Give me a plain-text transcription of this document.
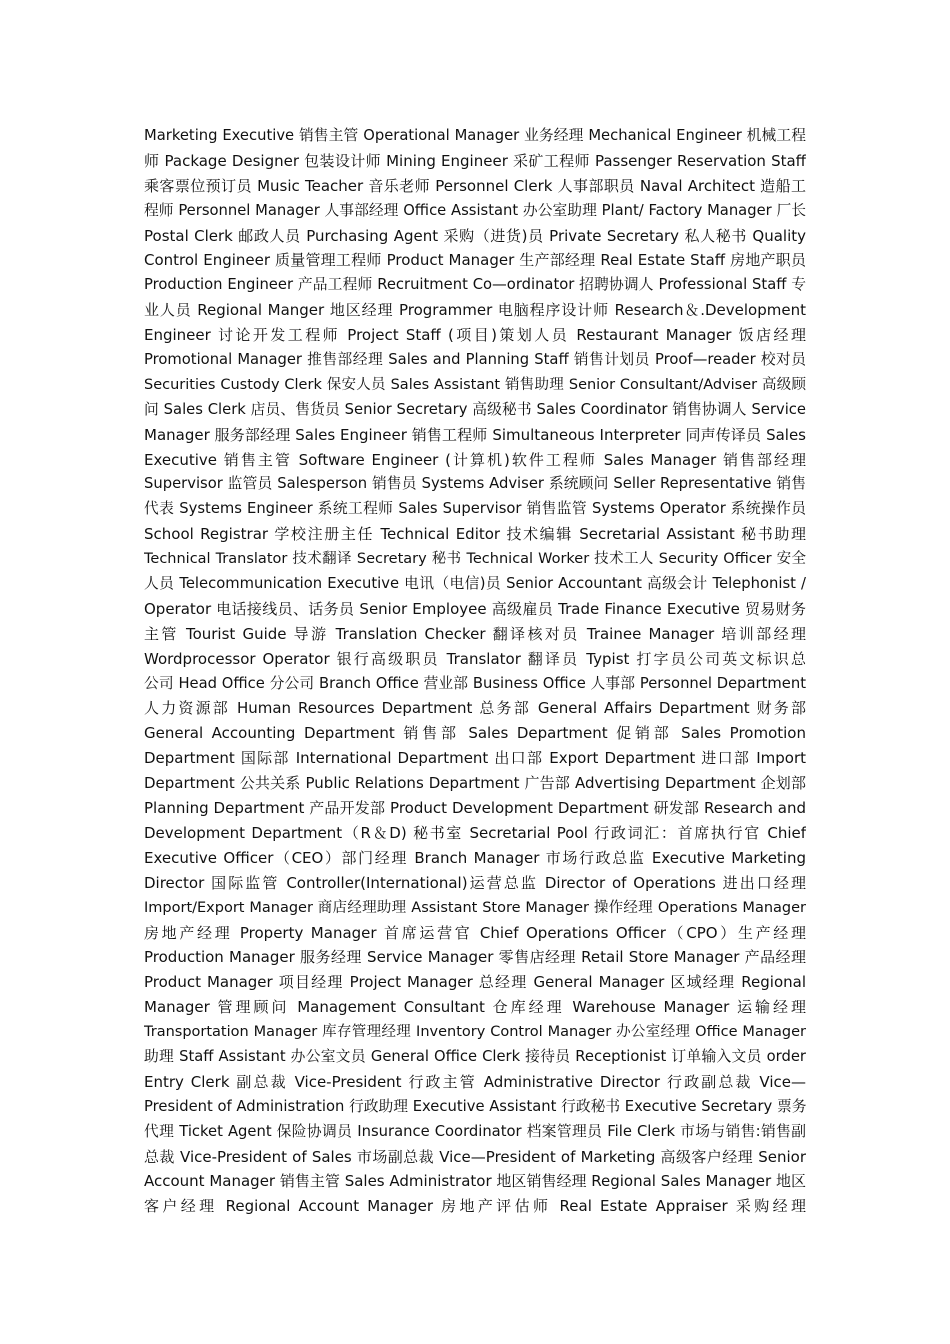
Marketing Executive 销售主管 Operational Manager 业务经理 Mechanical Engineer 机械工程
师 Package Designer 包装设计师 Mining Engineer 采矿工程师 Passenger Reservation Staff
乘客票位预订员 Music Teacher 音乐老师 Personnel Clerk 人事部职员 Naval Architect 造船工
程师 Personnel Manager 人事部经理 Office Assistant 办公室助理 Plant/ Factory Manager 厂长
Postal Clerk 邮政人员 Purchasing Agent 采购（进货)员 Private Secretary 私人秘书 Quality
Control Engineer 质量管理工程师 Product Manager 生产部经理 Real Estate Staff 房地产职员
Production Engineer 产品工程师 Recruitment Co—ordinator 招聘协调人 Professional Staff 专
业人员 Regional Manger 地区经理 Programmer 电脑程序设计师 Research＆.Development
Engineer 讨论开发工程师 Project Staff (项目)策划人员 Restaurant Manager 饭店经理
Promotional Manager 推售部经理 Sales and Planning Staff 销售计划员 Proof—reader 校对员
Securities Custody Clerk 保安人员 Sales Assistant 销售助理 Senior Consultant/Adviser 高级顾
问 Sales Clerk 店员、售货员 Senior Secretary 高级秘书 Sales Coordinator 销售协调人 Service
Manager 服务部经理 Sales Engineer 销售工程师 Simultaneous Interpreter 同声传译员 Sales
Executive 销售主管 Software Engineer (计算机)软件工程师 Sales Manager 销售部经理
Supervisor 监管员 Salesperson 销售员 Systems Adviser 系统顾问 Seller Representative 销售
代表 Systems Engineer 系统工程师 Sales Supervisor 销售监管 Systems Operator 系统操作员
School Registrar 学校注册主任 Technical Editor 技术编辑 Secretarial Assistant 秘书助理
Technical Translator 技术翻译 Secretary 秘书 Technical Worker 技术工人 Security Officer 安全
人员 Telecommunication Executive 电讯（电信)员 Senior Accountant 高级会计 Telephonist /
Operator 电话接线员、话务员 Senior Employee 高级雇员 Trade Finance Executive 贸易财务
主管 Tourist Guide 导游 Translation Checker 翻译核对员 Trainee Manager 培训部经理
Wordprocessor Operator 银行高级职员 Translator 翻译员 Typist 打字员公司英文标识总
公司 Head Office 分公司 Branch Office 营业部 Business Office 人事部 Personnel Department
人力资源部 Human Resources Department 总务部 General Affairs Department 财务部
General Accounting Department 销售部 Sales Department 促销部 Sales Promotion
Department 国际部 International Department 出口部 Export Department 进口部 Import
Department 公共关系 Public Relations Department 广告部 Advertising Department 企划部
Planning Department 产品开发部 Product Development Department 研发部 Research and
Development Department（R＆D) 秘书室 Secretarial Pool 行政词汇：首席执行官 Chief
Executive Officer（CEO）部门经理 Branch Manager 市场行政总监 Executive Marketing
Director 国际监管 Controller(International)运营总监 Director of Operations 进出口经理
Import/Export Manager 商店经理助理 Assistant Store Manager 操作经理 Operations Manager
房地产经理 Property Manager 首席运营官 Chief Operations Officer（CPO）生产经理
Production Manager 服务经理 Service Manager 零售店经理 Retail Store Manager 产品经理
Product Manager 项目经理 Project Manager 总经理 General Manager 区域经理 Regional
Manager 管理顾问 Management Consultant 仓库经理 Warehouse Manager 运输经理
Transportation Manager 库存管理经理 Inventory Control Manager 办公室经理 Office Manager
助理 Staff Assistant 办公室文员 General Office Clerk 接待员 Receptionist 订单输入文员 order
Entry Clerk 副总裁 Vice-President 行政主管 Administrative Director 行政副总裁 Vice—
President of Administration 行政助理 Executive Assistant 行政秘书 Executive Secretary 票务
代理 Ticket Agent 保险协调员 Insurance Coordinator 档案管理员 File Clerk 市场与销售:销售副
总裁 Vice-President of Sales 市场副总裁 Vice—President of Marketing 高级客户经理 Senior
Account Manager 销售主管 Sales Administrator 地区销售经理 Regional Sales Manager 地区
客户经理 Regional Account Manager 房地产评估师 Real Estate Appraiser 采购经理
